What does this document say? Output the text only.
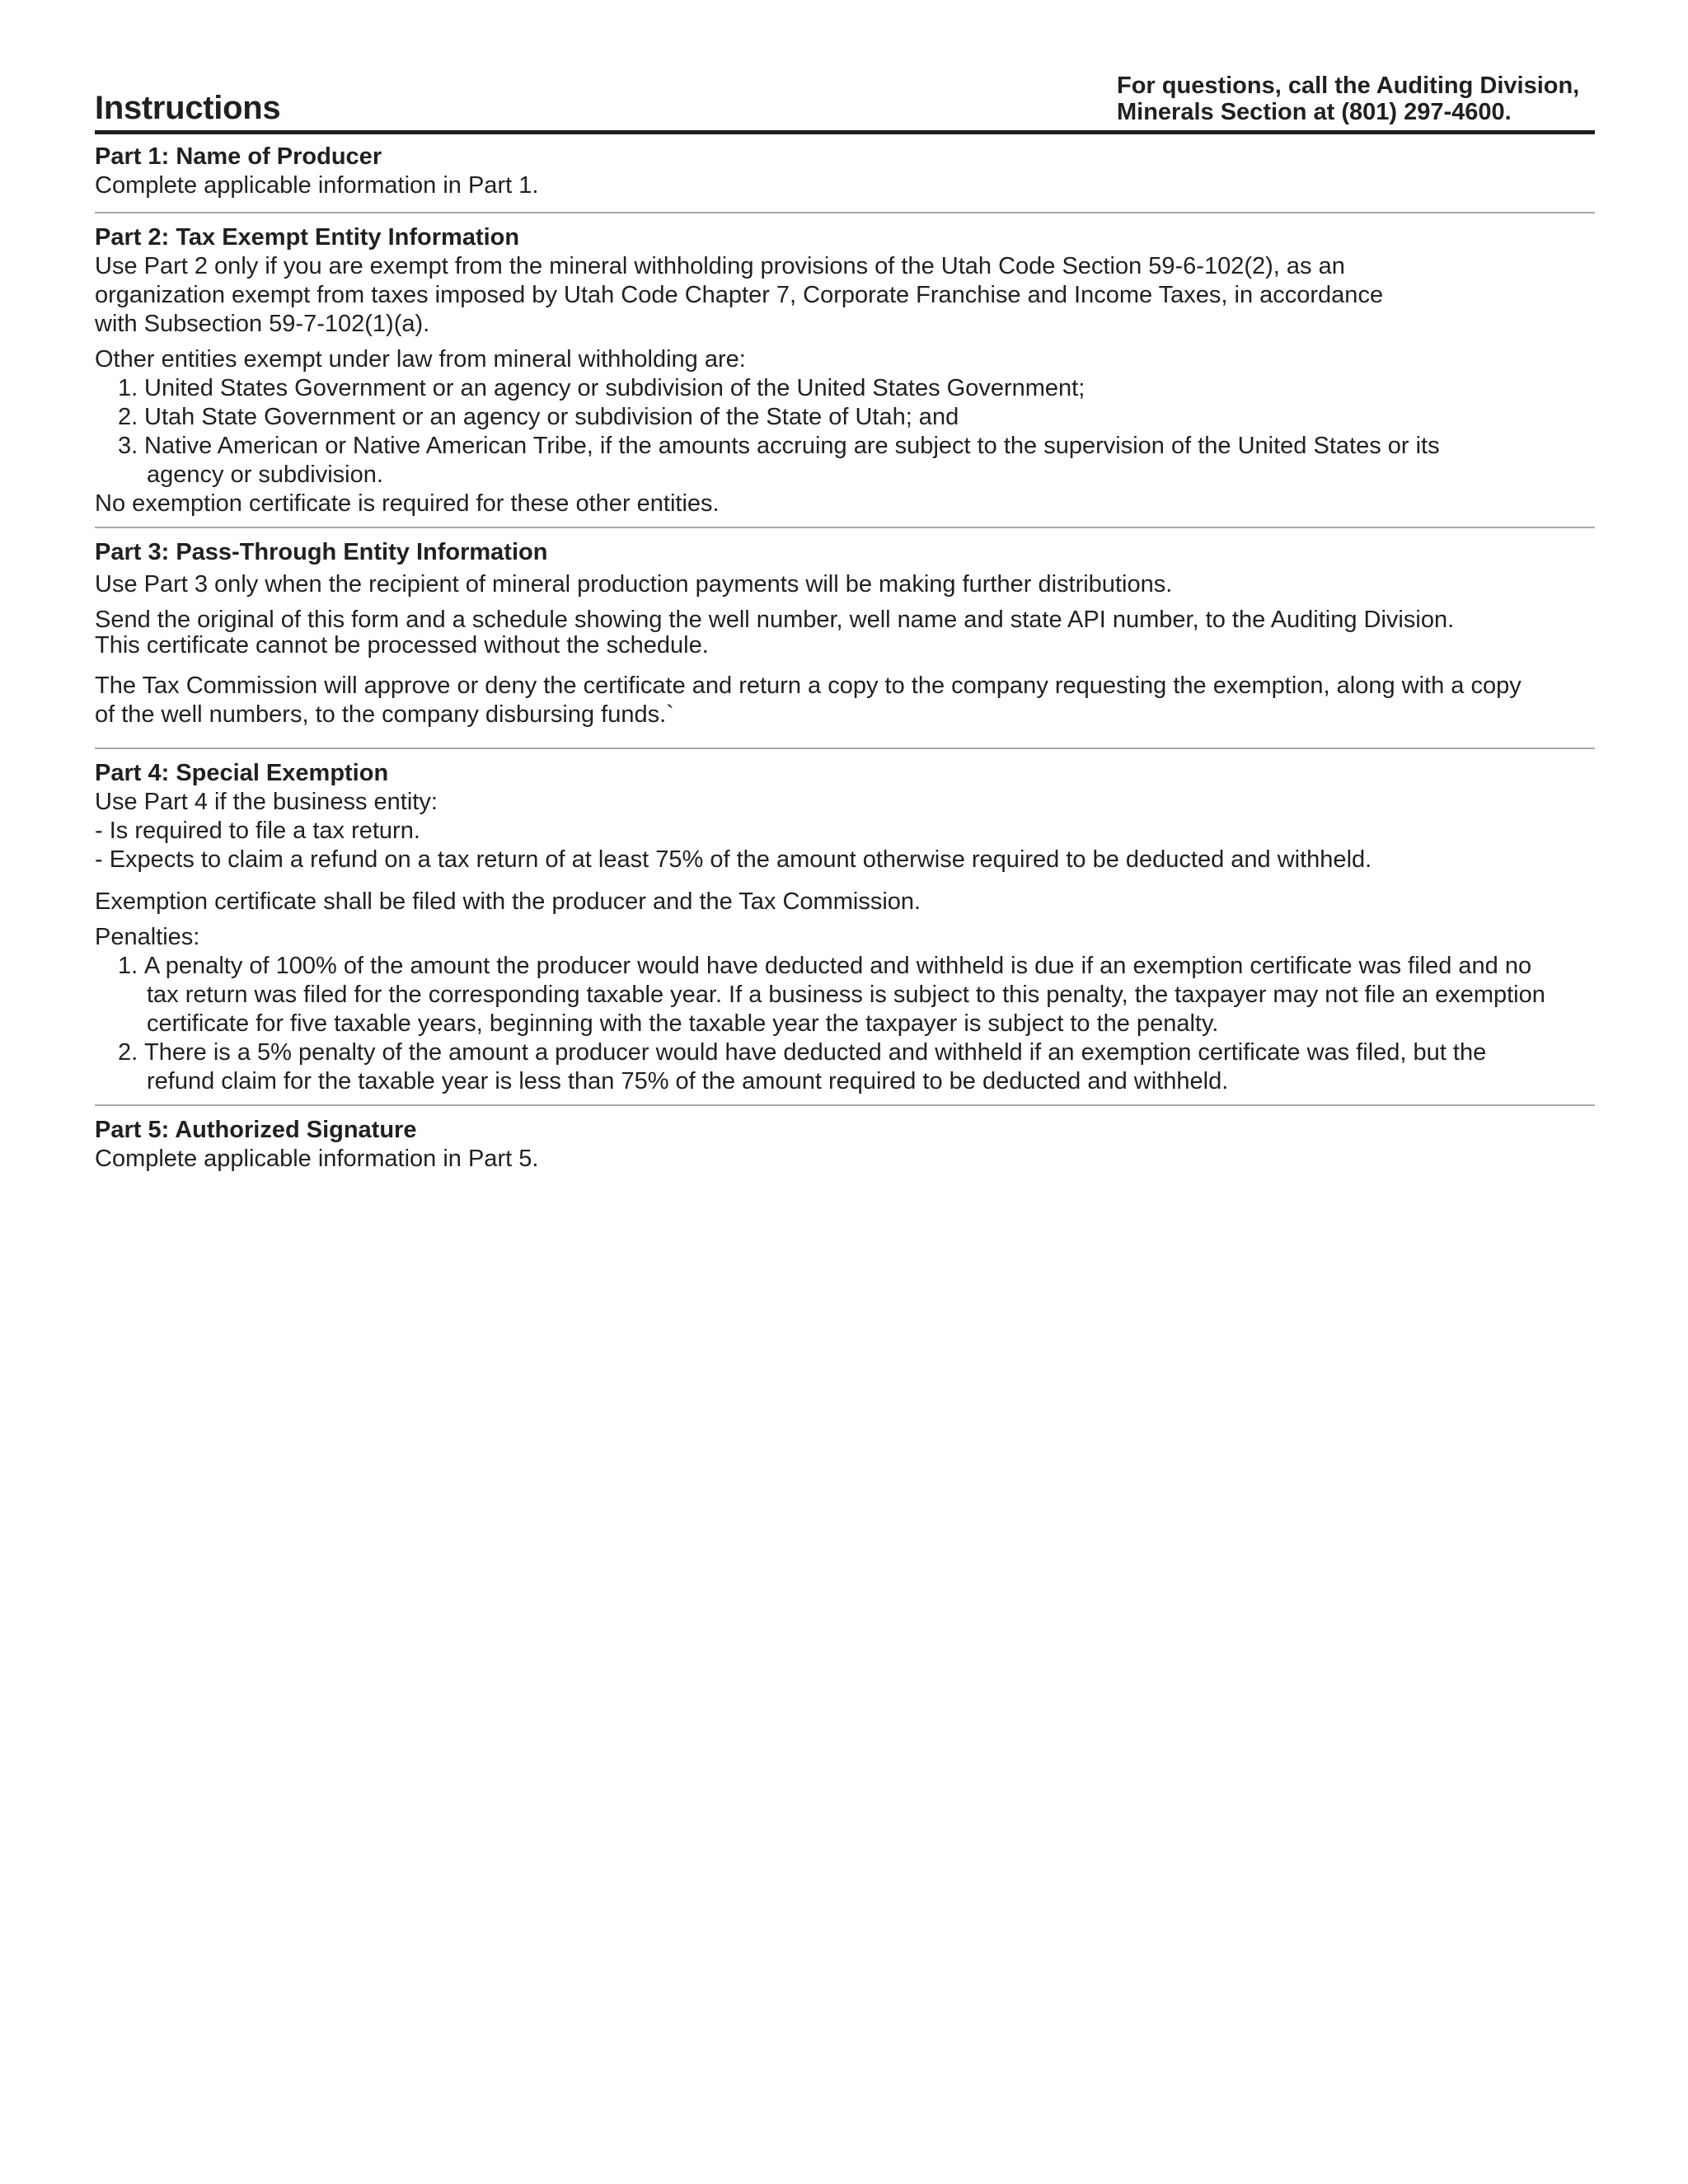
Instructions
For questions, call the Auditing Division,
Minerals Section at (801) 297-4600.
Part 1: Name of Producer
Complete applicable information in Part 1.
Part 2: Tax Exempt Entity Information
Use Part 2 only if you are exempt from the mineral withholding provisions of the Utah Code Section 59-6-102(2), as an
organization exempt from taxes imposed by Utah Code Chapter 7, Corporate Franchise and Income Taxes, in accordance
with Subsection 59-7-102(1)(a).
Other entities exempt under law from mineral withholding are:
1. United States Government or an agency or subdivision of the United States Government;
2. Utah State Government or an agency or subdivision of the State of Utah; and
3. Native American or Native American Tribe, if the amounts accruing are subject to the supervision of the United States or its
agency or subdivision.
No exemption certificate is required for these other entities.
Part 3: Pass-Through Entity Information
Use Part 3 only when the recipient of mineral production payments will be making further distributions.
Send the original of this form and a schedule showing the well number, well name and state API number, to the Auditing Division.
This certificate cannot be processed without the schedule.
The Tax Commission will approve or deny the certificate and return a copy to the company requesting the exemption, along with a copy
of the well numbers, to the company disbursing funds.`
Part 4: Special Exemption
Use Part 4 if the business entity:
- Is required to file a tax return.
- Expects to claim a refund on a tax return of at least 75% of the amount otherwise required to be deducted and withheld.
Exemption certificate shall be filed with the producer and the Tax Commission.
Penalties:
1. A penalty of 100% of the amount the producer would have deducted and withheld is due if an exemption certificate was filed and no
tax return was filed for the corresponding taxable year. If a business is subject to this penalty, the taxpayer may not file an exemption
certificate for five taxable years, beginning with the taxable year the taxpayer is subject to the penalty.
2. There is a 5% penalty of the amount a producer would have deducted and withheld if an exemption certificate was filed, but the
refund claim for the taxable year is less than 75% of the amount required to be deducted and withheld.
Part 5: Authorized Signature
Complete applicable information in Part 5.
